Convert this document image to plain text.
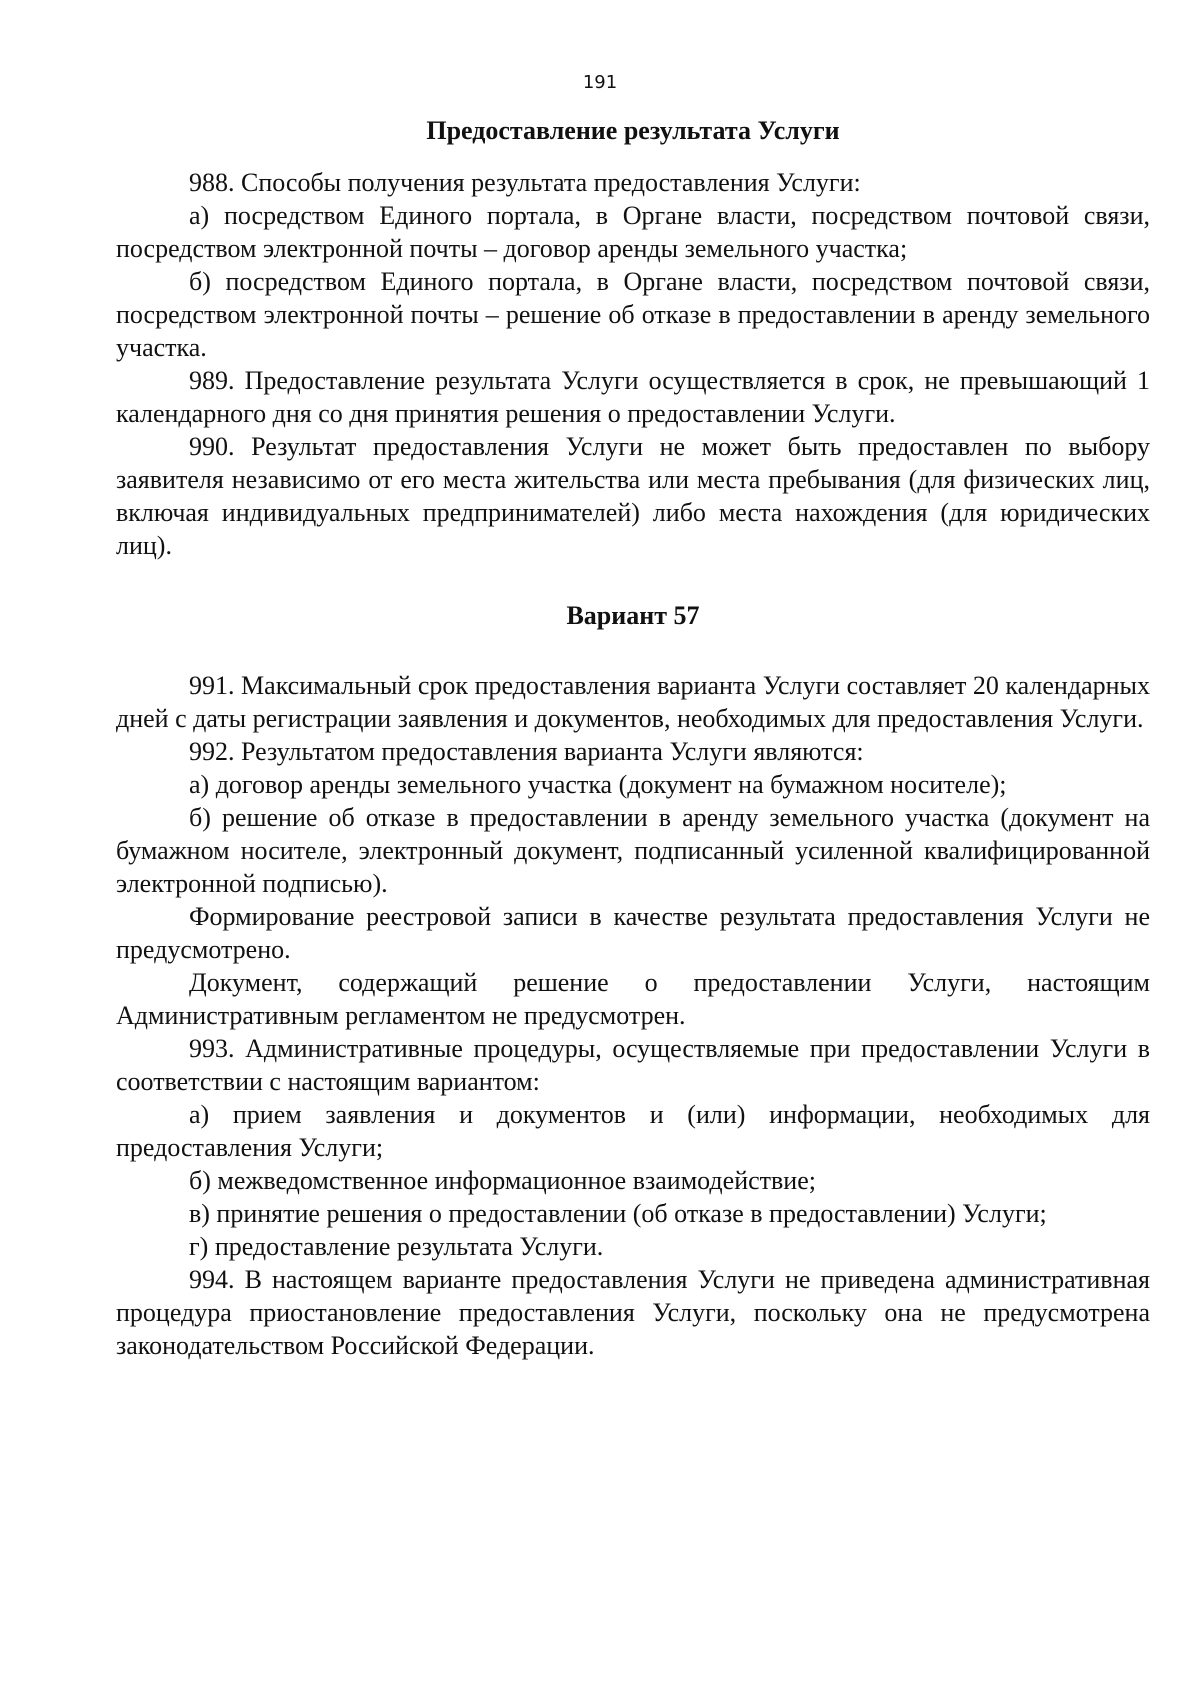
191
Предоставление результата Услуги

988. Способы получения результата предоставления Услуги:

а) посредством Единого портала, в Органе власти, посредством почтовой связи, посредством электронной почты – договор аренды земельного участка;

б) посредством Единого портала, в Органе власти, посредством почтовой связи, посредством электронной почты – решение об отказе в предоставлении в аренду земельного участка.

989. Предоставление результата Услуги осуществляется в срок, не превышающий 1 календарного дня со дня принятия решения о предоставлении Услуги.

990. Результат предоставления Услуги не может быть предоставлен по выбору заявителя независимо от его места жительства или места пребывания (для физических лиц, включая индивидуальных предпринимателей) либо места нахождения (для юридических лиц).

Вариант 57

991. Максимальный срок предоставления варианта Услуги составляет 20 календарных дней с даты регистрации заявления и документов, необходимых для предоставления Услуги.

992. Результатом предоставления варианта Услуги являются:

а) договор аренды земельного участка (документ на бумажном носителе);

б) решение об отказе в предоставлении в аренду земельного участка (документ на бумажном носителе, электронный документ, подписанный усиленной квалифицированной электронной подписью).

Формирование реестровой записи в качестве результата предоставления Услуги не предусмотрено.

Документ, содержащий решение о предоставлении Услуги, настоящим Административным регламентом не предусмотрен.

993. Административные процедуры, осуществляемые при предоставлении Услуги в соответствии с настоящим вариантом:

а) прием заявления и документов и (или) информации, необходимых для предоставления Услуги;

б) межведомственное информационное взаимодействие;

в) принятие решения о предоставлении (об отказе в предоставлении) Услуги;

г) предоставление результата Услуги.

994. В настоящем варианте предоставления Услуги не приведена административная процедура приостановление предоставления Услуги, поскольку она не предусмотрена законодательством Российской Федерации.
